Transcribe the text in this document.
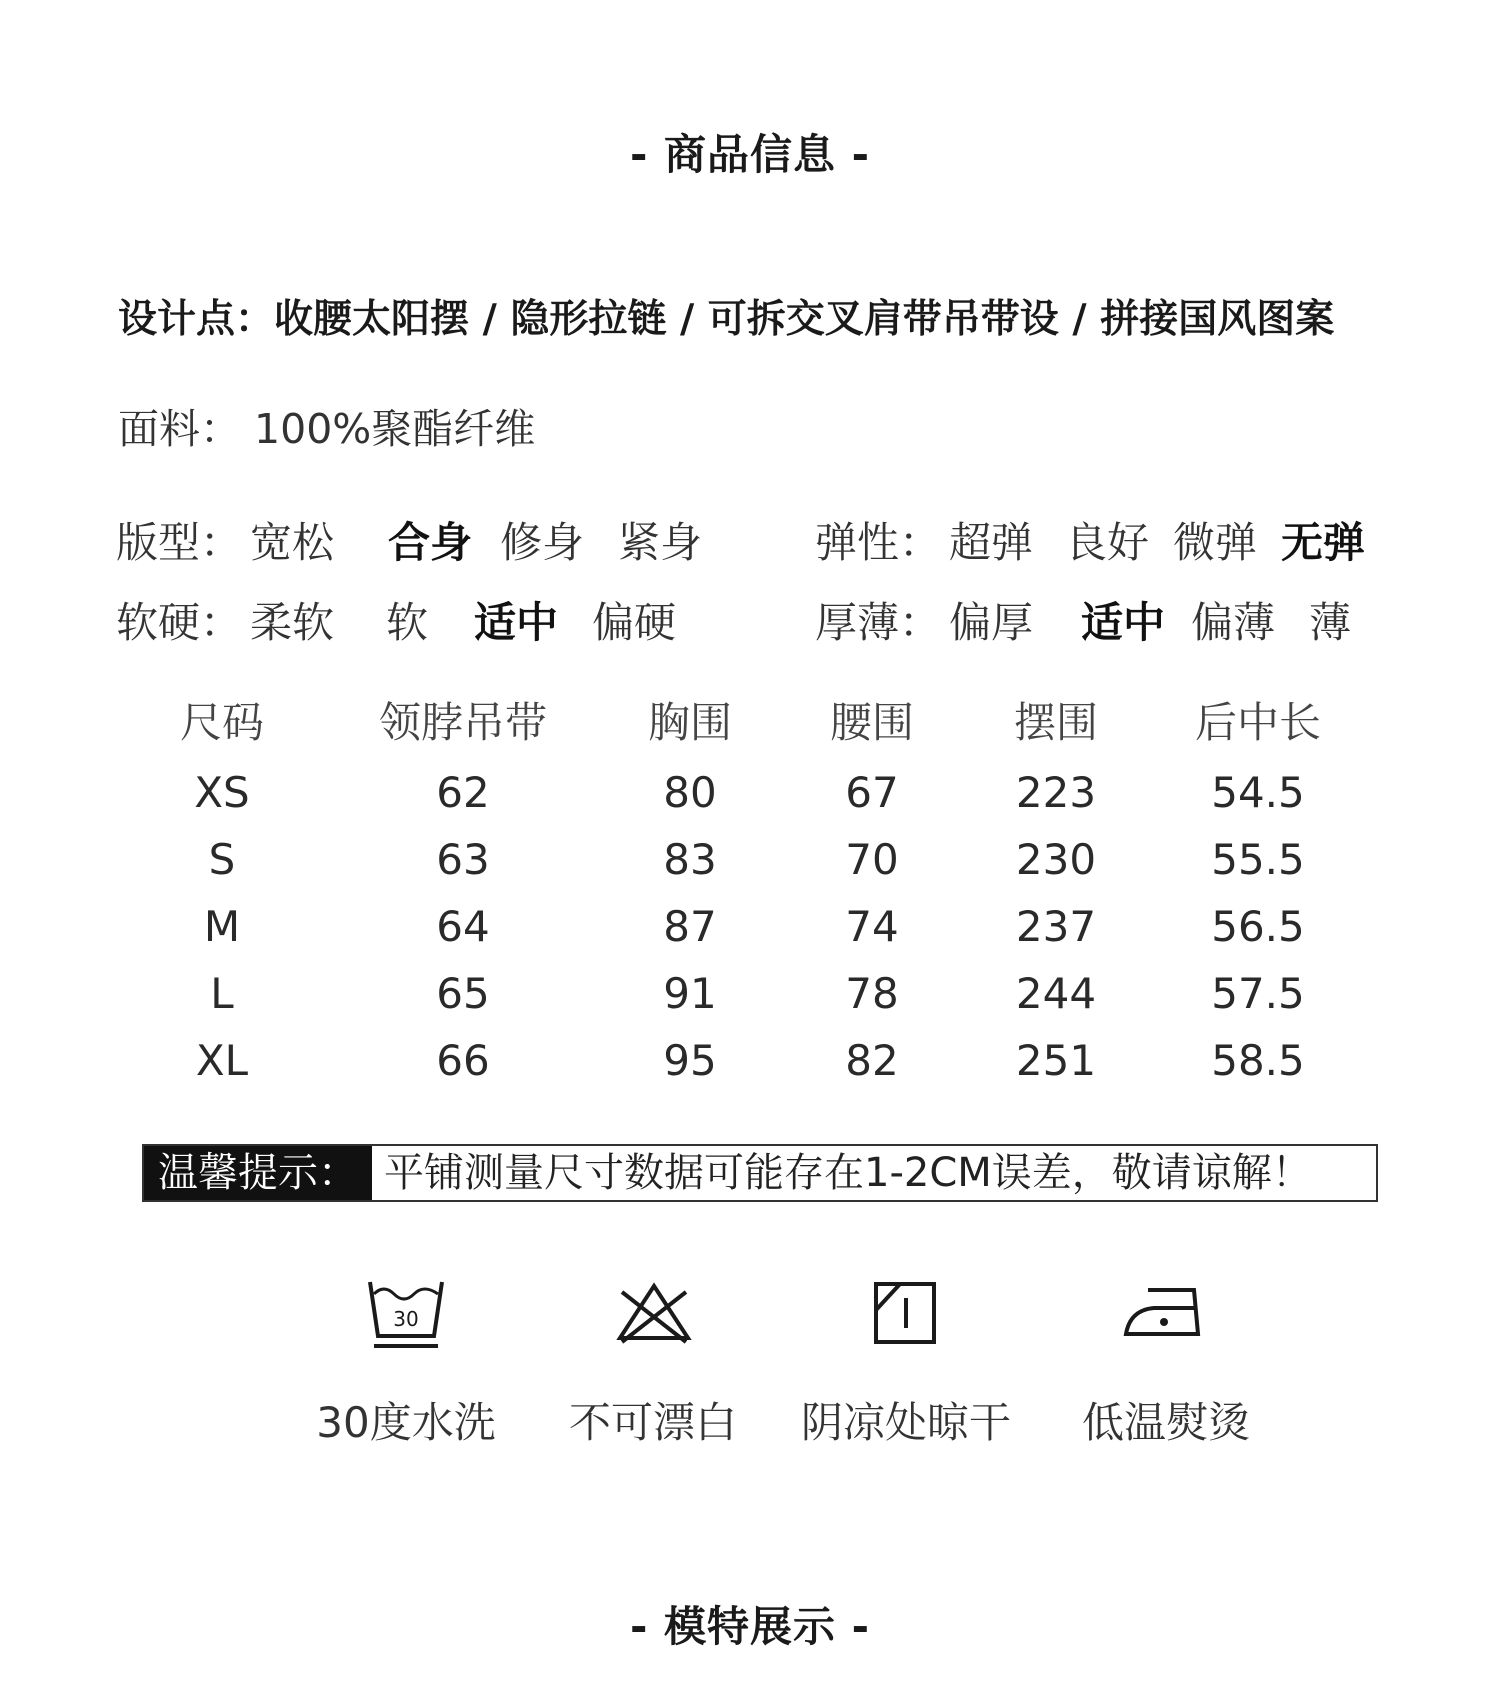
- 商品信息 -
设计点：收腰太阳摆 / 隐形拉链 / 可拆交叉肩带吊带设 / 拼接国风图案
面料： 100%聚酯纤维
版型： 宽松	合身 修身 紧身
软硬： 柔软	软	适中 偏硬
弹性： 超弹 良好 微弹 无弹
厚薄： 偏厚	适中 偏薄 薄
尺码	领脖吊带	胸围	腰围	摆围	后中长
XS	62	80	67	223	54.5
S	63	83	70	230	55.5
M	64	87	74	237	56.5
L	65	91	78	244	57.5
XL	66	95	82	251	58.5
温馨提示： 平铺测量尺寸数据可能存在1-2CM误差，敬请谅解！
30
30度水洗	不可漂白	阴凉处晾干	低温熨烫
- 模特展示 -
